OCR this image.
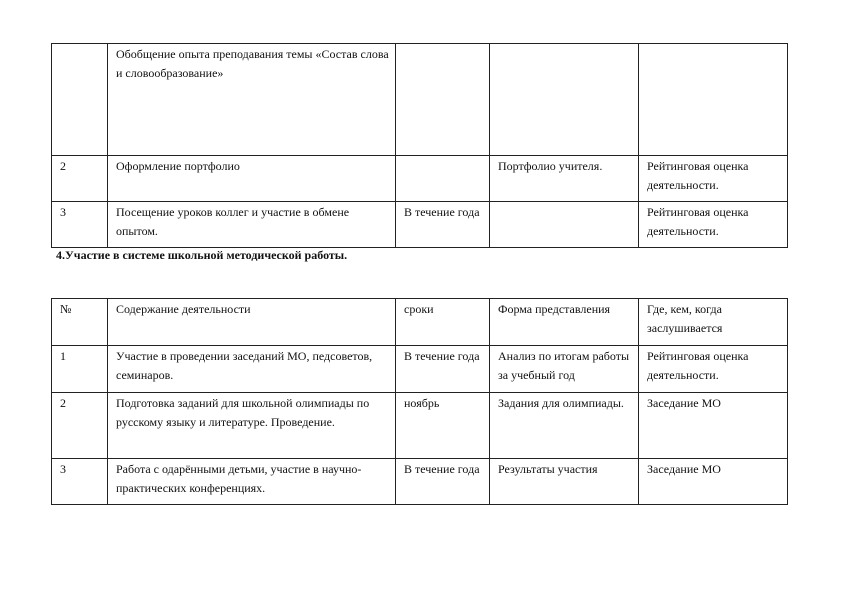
	Обобщение опыта преподавания темы «Состав слова и словообразование»			
2	Оформление портфолио		Портфолио учителя.	Рейтинговая оценка деятельности.
3	Посещение уроков коллег и участие в обмене опытом.	В течение года		Рейтинговая оценка деятельности.
4.Участие в системе школьной методической работы.
№	Содержание деятельности	сроки	Форма представления	Где, кем, когда заслушивается
1	Участие в проведении заседаний МО, педсоветов, семинаров.	В течение года	Анализ по итогам работы за учебный год	Рейтинговая оценка деятельности.
2	Подготовка заданий для школьной олимпиады по русскому языку и литературе. Проведение.	ноябрь	Задания для олимпиады.	Заседание МО
3	Работа с одарёнными детьми, участие в научно-практических конференциях.	В течение года	Результаты участия	Заседание МО
